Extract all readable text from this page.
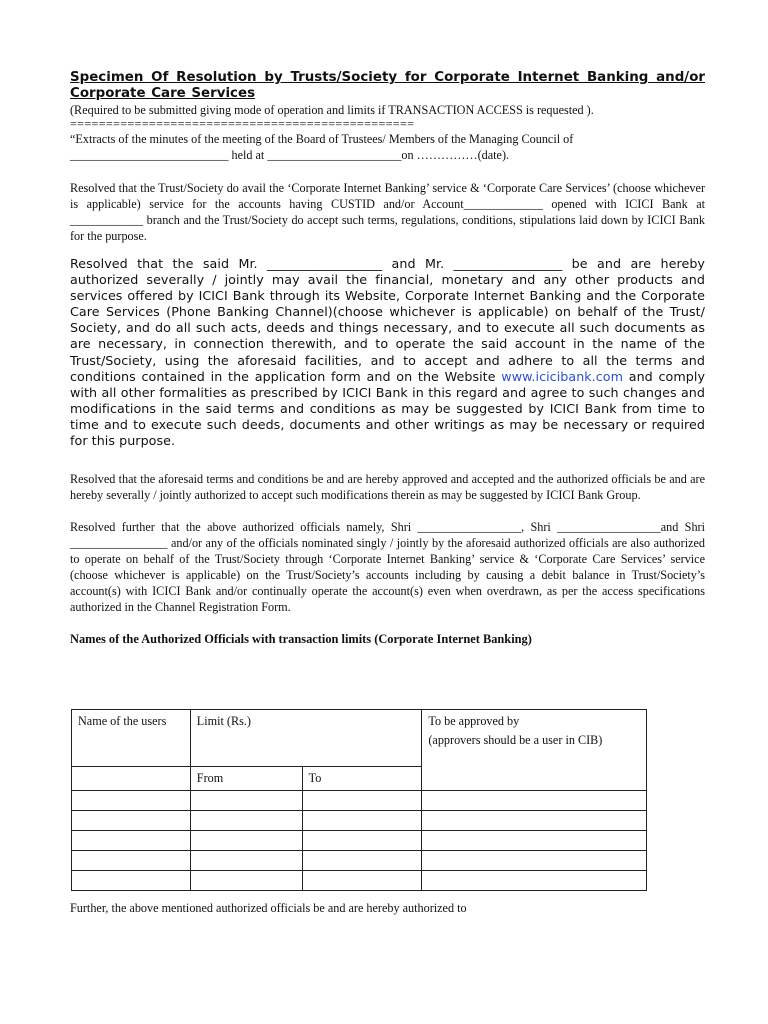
Specimen Of Resolution by Trusts/Society for Corporate Internet Banking and/or Corporate Care Services

(Required to be submitted giving mode of operation and limits if TRANSACTION ACCESS is requested ).

================================================

“Extracts of the minutes of the meeting of the Board of Trustees/ Members of the Managing Council of

__________________________ held at ______________________on ……………(date).

Resolved that the Trust/Society do avail the ‘Corporate Internet Banking’ service & ‘Corporate Care Services’ (choose whichever is applicable) service for the accounts having CUSTID and/or Account_____________ opened with ICICI Bank at ____________ branch and the Trust/Society do accept such terms, regulations, conditions, stipulations laid down by ICICI Bank for the purpose.

Resolved that the said Mr. __________________ and Mr. _________________ be and are hereby authorized severally / jointly may avail the financial, monetary and any other products and services offered by ICICI Bank through its Website, Corporate Internet Banking and the Corporate Care Services (Phone Banking Channel)(choose whichever is applicable) on behalf of the Trust/ Society, and do all such acts, deeds and things necessary, and to execute all such documents as are necessary, in connection therewith, and to operate the said account in the name of the Trust/Society, using the aforesaid facilities, and to accept and adhere to all the terms and conditions contained in the application form and on the Website www.icicibank.com and comply with all other formalities as prescribed by ICICI Bank in this regard and agree to such changes and modifications in the said terms and conditions as may be suggested by ICICI Bank from time to time and to execute such deeds, documents and other writings as may be necessary or required for this purpose.

Resolved that the aforesaid terms and conditions be and are hereby approved and accepted and the authorized officials be and are hereby severally / jointly authorized to accept such modifications therein as may be suggested by ICICI Bank Group.

Resolved further that the above authorized officials namely, Shri _________________, Shri _________________and Shri ________________ and/or any of the officials nominated singly / jointly by the aforesaid authorized officials are also authorized to operate on behalf of the Trust/Society through ‘Corporate Internet Banking’ service & ‘Corporate Care Services’ service (choose whichever is applicable) on the Trust/Society’s accounts including by causing a debit balance in Trust/Society’s account(s) with ICICI Bank and/or continually operate the account(s) even when overdrawn, as per the access specifications authorized in the Channel Registration Form.

Names of the Authorized Officials with transaction limits (Corporate Internet Banking)

Name of the users	Limit (Rs.)		To be approved by
(approvers should be a user in CIB)

	From	To	

Further, the above mentioned authorized officials be and are hereby authorized to
